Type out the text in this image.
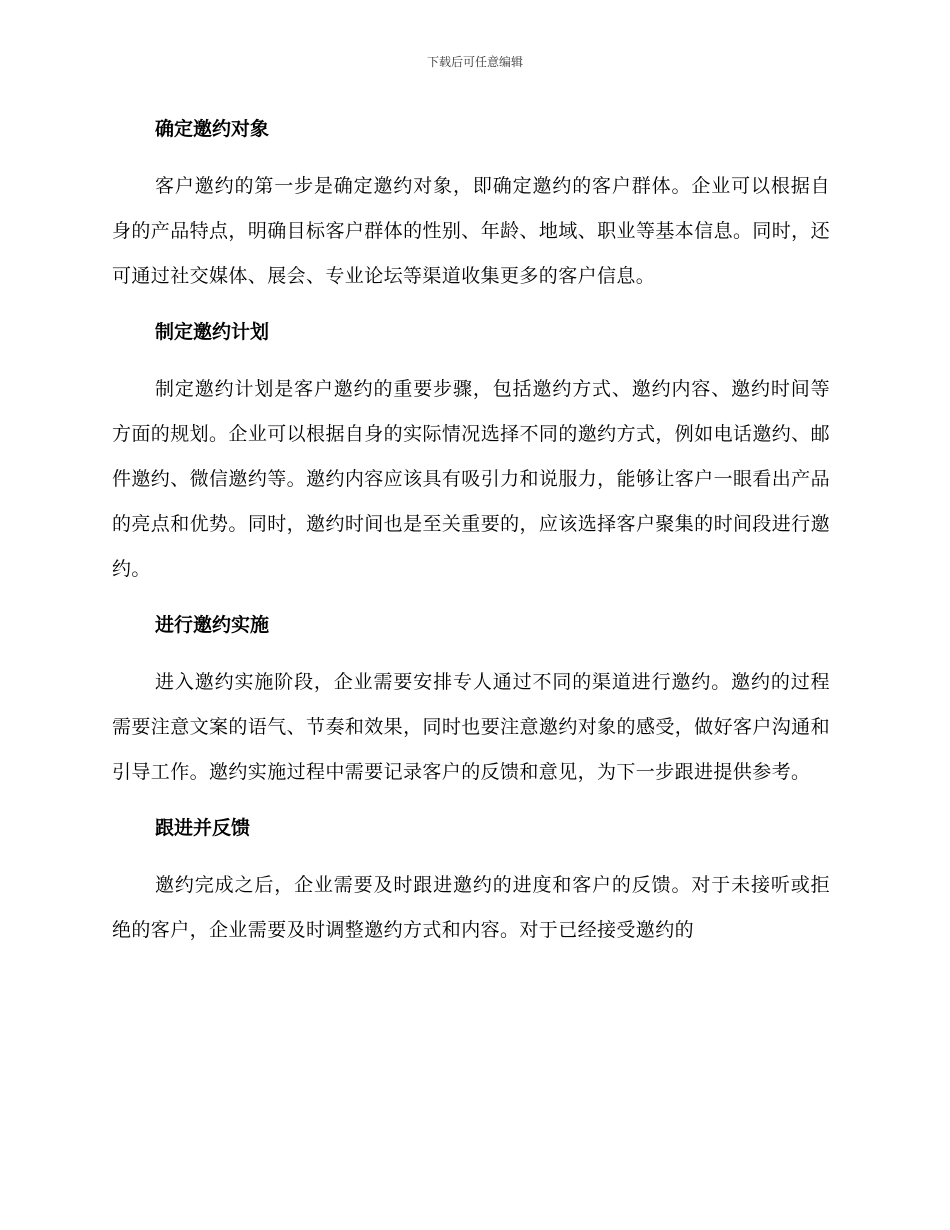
下载后可任意编辑
确定邀约对象

客户邀约的第一步是确定邀约对象，即确定邀约的客户群体。企业可以根据自身的产品特点，明确目标客户群体的性别、年龄、地域、职业等基本信息。同时，还可通过社交媒体、展会、专业论坛等渠道收集更多的客户信息。

制定邀约计划

制定邀约计划是客户邀约的重要步骤，包括邀约方式、邀约内容、邀约时间等方面的规划。企业可以根据自身的实际情况选择不同的邀约方式，例如电话邀约、邮件邀约、微信邀约等。邀约内容应该具有吸引力和说服力，能够让客户一眼看出产品的亮点和优势。同时，邀约时间也是至关重要的，应该选择客户聚集的时间段进行邀约。

进行邀约实施

进入邀约实施阶段，企业需要安排专人通过不同的渠道进行邀约。邀约的过程需要注意文案的语气、节奏和效果，同时也要注意邀约对象的感受，做好客户沟通和引导工作。邀约实施过程中需要记录客户的反馈和意见，为下一步跟进提供参考。

跟进并反馈

邀约完成之后，企业需要及时跟进邀约的进度和客户的反馈。对于未接听或拒绝的客户，企业需要及时调整邀约方式和内容。对于已经接受邀约的
